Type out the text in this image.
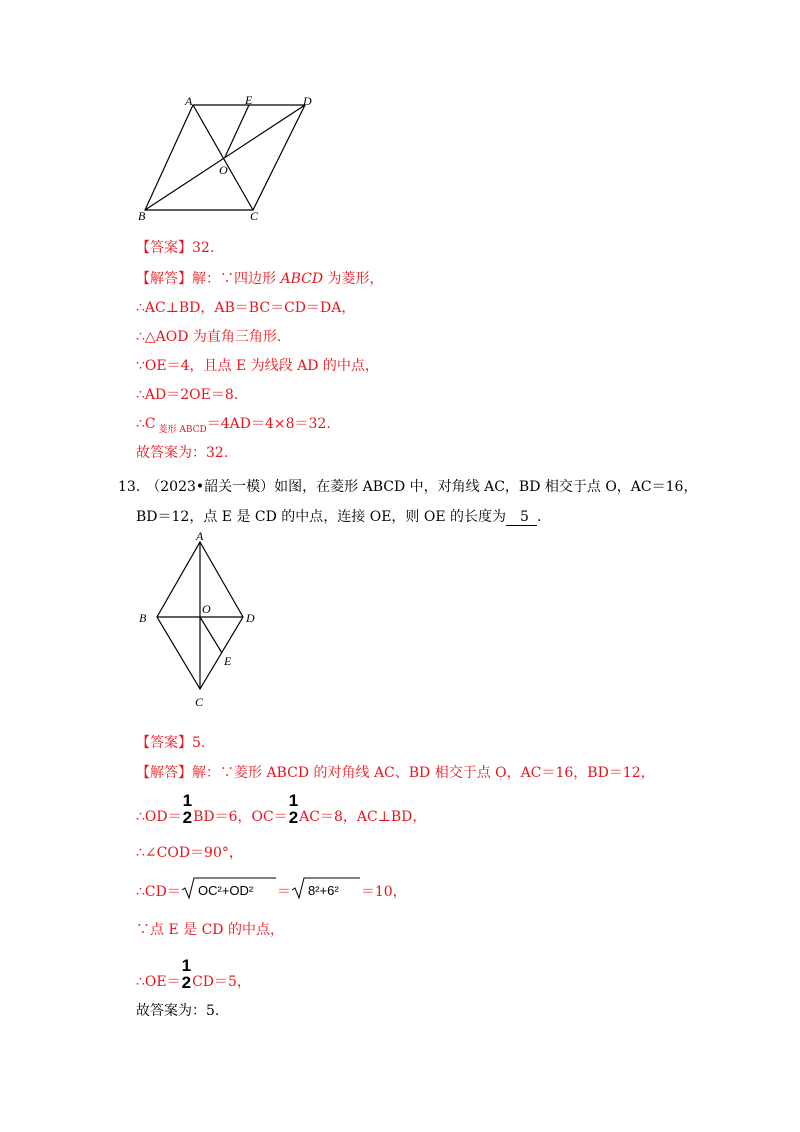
A	E	D
O
B	C
【答案】32.
【解答】解：∵四边形 ABCD 为菱形，
∴AC⊥BD，AB＝BC＝CD＝DA，
∴△AOD 为直角三角形.
∵OE＝4，且点 E 为线段 AD 的中点，
∴AD＝2OE＝8.
∴C $_{菱形 ABCD}$＝4AD＝4×8＝32.
故答案为：32.
13. （2023•韶关一模）如图，在菱形 ABCD 中，对角线 AC，BD 相交于点 O，AC＝16，
BD＝12，点 E 是 CD 的中点，连接 OE，则 OE 的长度为 5 .
A
B
O
D
E
C
【答案】5.
【解答】解：∵菱形 ABCD 的对角线 AC、BD 相交于点 O，AC＝16，BD＝12，
∴OD＝
1
2 BD＝6，OC＝
1
2 AC＝8，AC⊥BD，
∴∠COD＝90°，
∴CD＝ OC²+OD² ＝ 8²+6² ＝10，
∵点 E 是 CD 的中点，
∴OE＝
1
2 CD＝5，
故答案为：5.
